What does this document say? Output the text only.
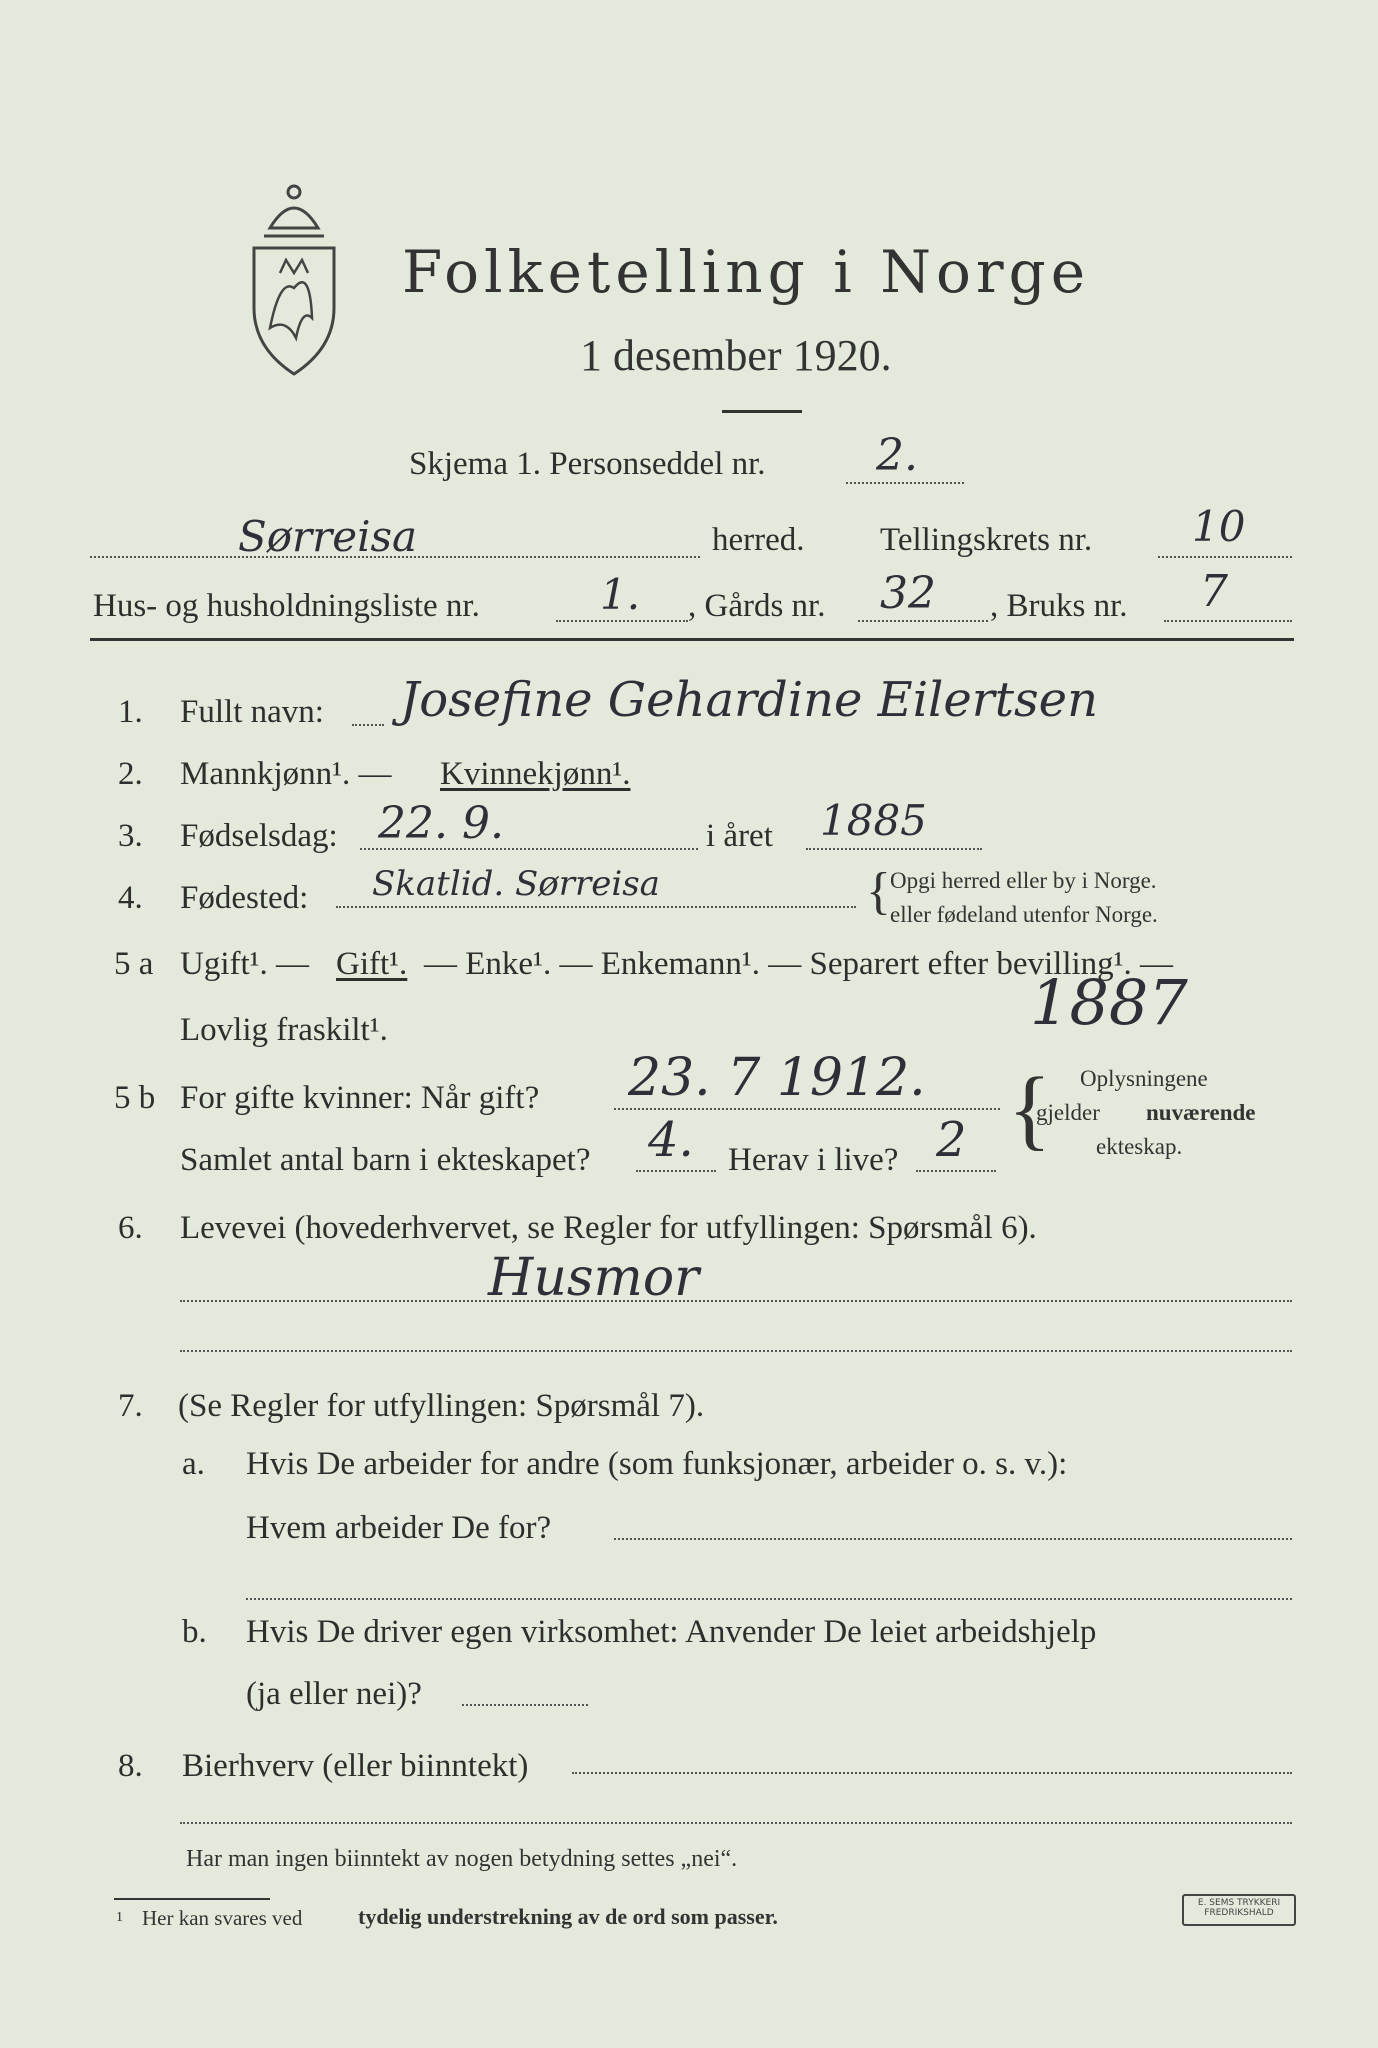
Folketelling i Norge
1 desember 1920.
Skjema 1. Personseddel nr.	2.
Sørreisa	herred. Tellingskrets nr. 10
Hus- og husholdningsliste nr.	1. , Gårds nr. 32 , Bruks nr. 7
1. Fullt navn: Josefine Gehardine Eilertsen
2. Mannkjønn¹. — Kvinnekjønn¹.
3. Fødselsdag: 22. 9.	i året 1885
4. Fødested: Skatlid. Sørreisa	{ Opgi herred eller by i Norge.
eller fødeland utenfor Norge.
5 a Ugift¹. — Gift¹. — Enke¹. — Enkemann¹. — Separert efter bevilling¹. —
Lovlig fraskilt¹.	1887
5 b For gifte kvinner: Når gift? 23. 7 1912.
Samlet antal barn i ekteskapet? 4. Herav i live? 2 { Oplysningene
gjelder nuværende
ekteskap.
6. Levevei (hovederhvervet, se Regler for utfyllingen: Spørsmål 6).
Husmor
7. (Se Regler for utfyllingen: Spørsmål 7).
a. Hvis De arbeider for andre (som funksjonær, arbeider o. s. v.):
Hvem arbeider De for?
b. Hvis De driver egen virksomhet: Anvender De leiet arbeidshjelp
(ja eller nei)?
8. Bierhverv (eller biinntekt)
Har man ingen biinntekt av nogen betydning settes „nei“.
1 Her kan svares ved	tydelig understrekning av de ord som passer.
E. SEMS TRYKKERI FREDRIKSHALD
